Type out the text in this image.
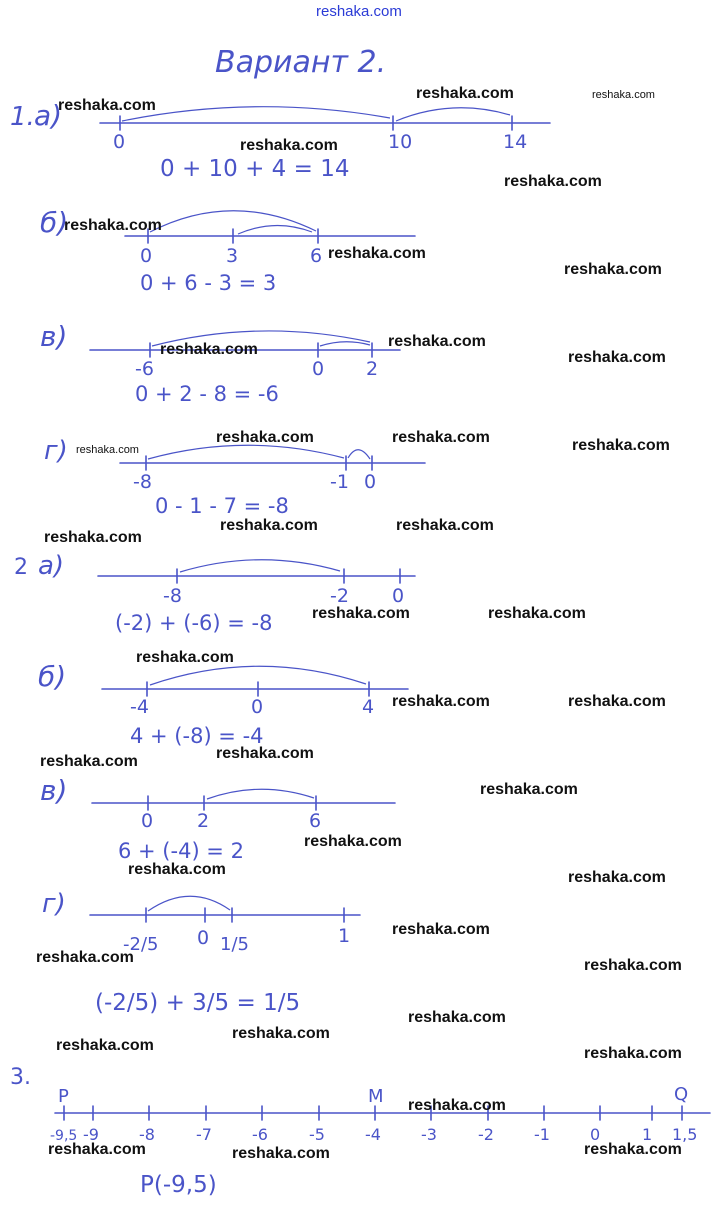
Вариант 2.
1. а)
0	10	14
0 + 10 + 4 = 14
б)
0	3	6
0 + 6 - 3 = 3
в)
-6	0 2
0 + 2 - 8 = -6
г)
-8	-1 0
0 - 1 - 7 = -8
2 а)
-8	-2 0
(-2) + (-6) = -8
б)
-4	0	4
4 + (-8) = -4
в)
0 2	6
6 + (-4) = 2
г)
-2/5 0 1/5	1
(-2/5) + 3/5 = 1/5
3.
-9,5 -9	-8	-7	-6	-5	-4	-3	-2	-1	0	1 1,5
P	M	Q
P(-9,5)
reshaka.com
reshaka.com
reshaka.com	reshaka.com
reshaka.com
reshaka.com
reshaka.com
reshaka.com
reshaka.com
reshaka.com	reshaka.com
reshaka.com
reshaka.com
reshaka.com	reshaka.com	reshaka.com
reshaka.com	reshaka.com
reshaka.com
reshaka.com	reshaka.com
reshaka.com
reshaka.com	reshaka.com
reshaka.com
reshaka.com
reshaka.com
reshaka.com
reshaka.com	reshaka.com
reshaka.com
reshaka.com	reshaka.com
reshaka.com
reshaka.com
reshaka.com	reshaka.com
reshaka.com
reshaka.com	reshaka.com
reshaka.com
